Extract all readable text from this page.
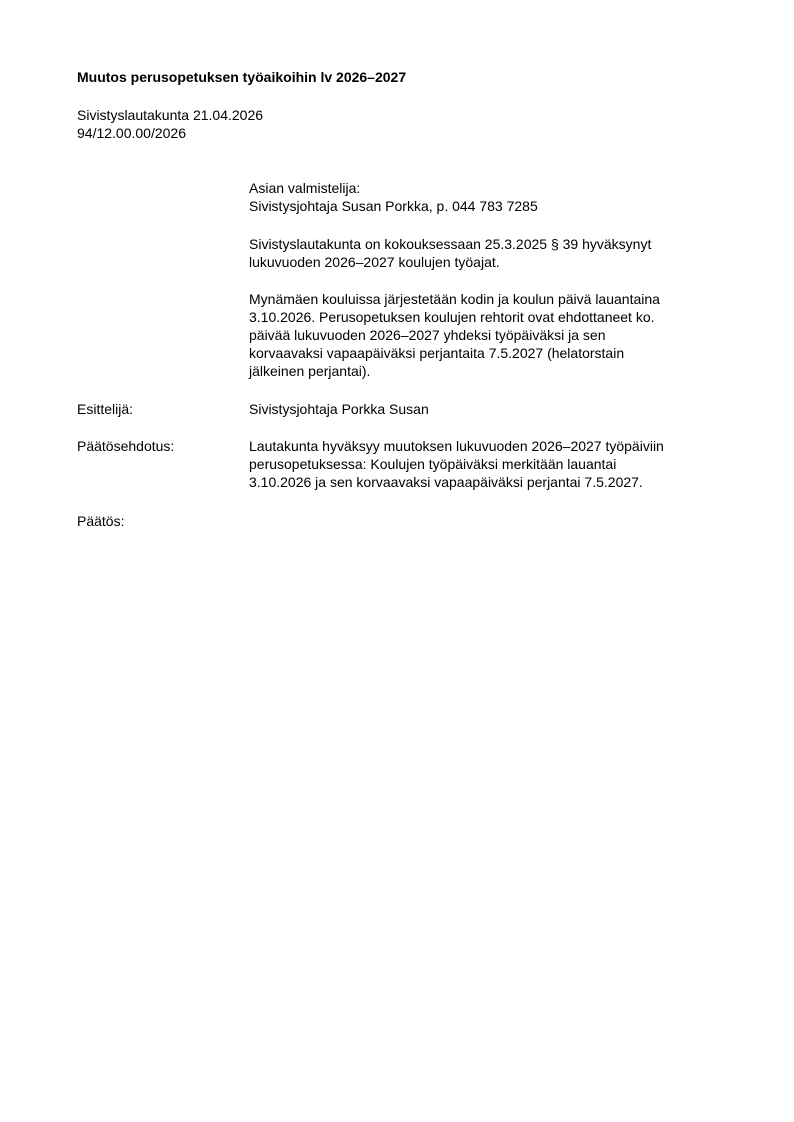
Muutos perusopetuksen työaikoihin lv 2026–2027
Sivistyslautakunta 21.04.2026
94/12.00.00/2026
Asian valmistelija:
Sivistysjohtaja Susan Porkka, p. 044 783 7285
Sivistyslautakunta on kokouksessaan 25.3.2025 § 39 hyväksynyt
lukuvuoden 2026–2027 koulujen työajat.
Mynämäen kouluissa järjestetään kodin ja koulun päivä lauantaina
3.10.2026. Perusopetuksen koulujen rehtorit ovat ehdottaneet ko.
päivää lukuvuoden 2026–2027 yhdeksi työpäiväksi ja sen
korvaavaksi vapaapäiväksi perjantaita 7.5.2027 (helatorstain
jälkeinen perjantai).
Esittelijä:	Sivistysjohtaja Porkka Susan
Päätösehdotus:	Lautakunta hyväksyy muutoksen lukuvuoden 2026–2027 työpäiviin
perusopetuksessa: Koulujen työpäiväksi merkitään lauantai
3.10.2026 ja sen korvaavaksi vapaapäiväksi perjantai 7.5.2027.
Päätös:
